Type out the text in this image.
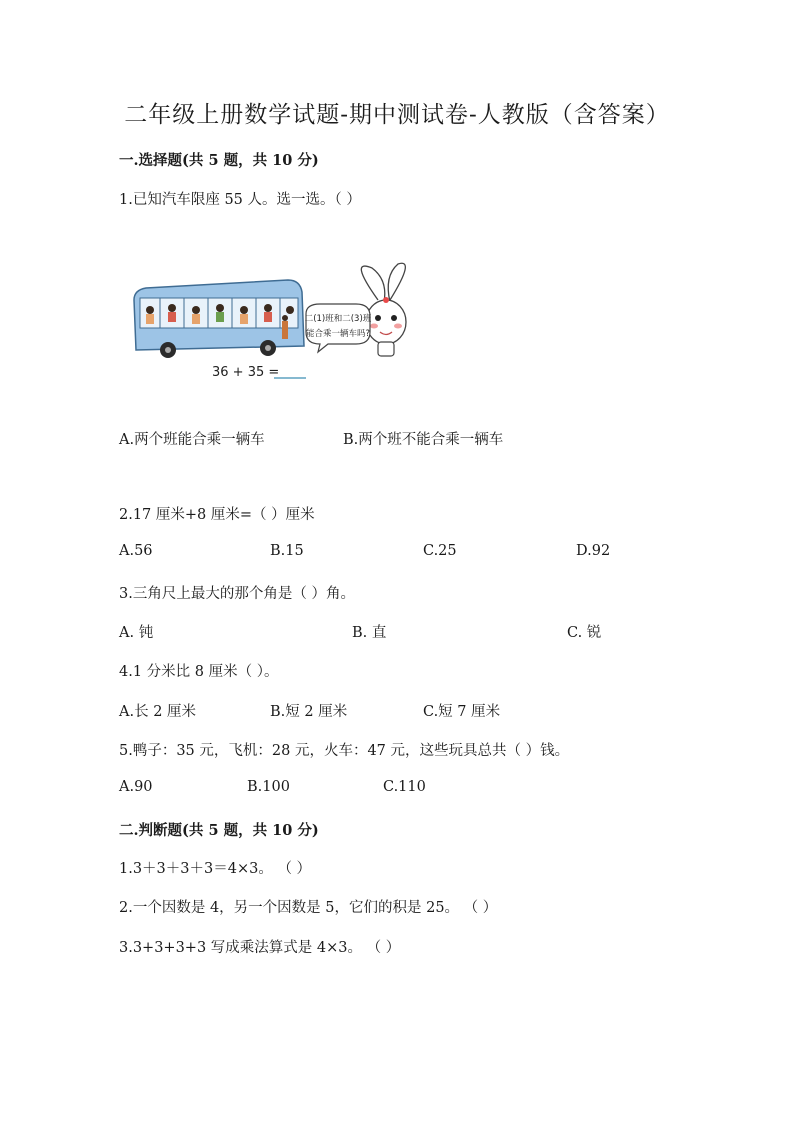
二年级上册数学试题-期中测试卷-人教版（含答案）
一.选择题(共 5 题，共 10 分)
1.已知汽车限座 55 人。选一选。（ ）
二(1)班和二(3)班
能合乘一辆车吗?
36 + 35 =
A.两个班能合乘一辆车	B.两个班不能合乘一辆车
2.17 厘米+8 厘米=（ ）厘米
A.56	B.15	C.25	D.92
3.三角尺上最大的那个角是（ ）角。
A. 钝	B. 直	C. 锐
4.1 分米比 8 厘米（ ）。
A.长 2 厘米	B.短 2 厘米	C.短 7 厘米
5.鸭子：35 元，飞机：28 元，火车：47 元，这些玩具总共（ ）钱。
A.90	B.100	C.110
二.判断题(共 5 题，共 10 分)
1.3＋3＋3＋3＝4×3。 （ ）
2.一个因数是 4，另一个因数是 5，它们的积是 25。 （ ）
3.3+3+3+3 写成乘法算式是 4×3。 （ ）
